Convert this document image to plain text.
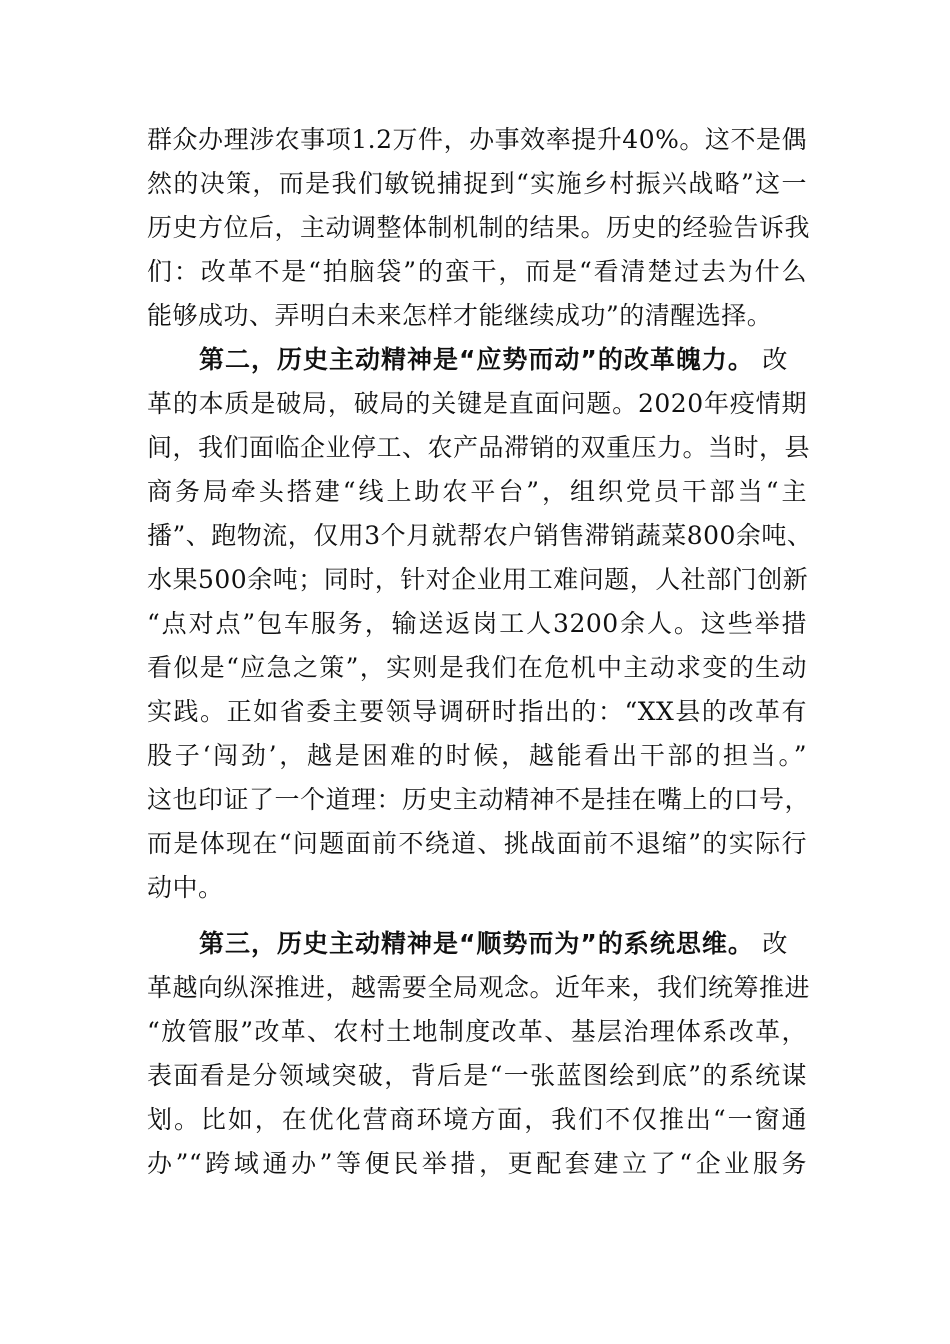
群众办理涉农事项1.2万件，办事效率提升40%。这不是偶
然的决策，而是我们敏锐捕捉到“实施乡村振兴战略”这一
历史方位后，主动调整体制机制的结果。历史的经验告诉我
们：改革不是“拍脑袋”的蛮干，而是“看清楚过去为什么
能够成功、弄明白未来怎样才能继续成功”的清醒选择。
第二，历史主动精神是“应势而动”的改革魄力。 改
革的本质是破局，破局的关键是直面问题。2020年疫情期
间，我们面临企业停工、农产品滞销的双重压力。当时，县
商务局牵头搭建“线上助农平台”，组织党员干部当“主
播”、跑物流，仅用3个月就帮农户销售滞销蔬菜800余吨、
水果500余吨；同时，针对企业用工难问题，人社部门创新
“点对点”包车服务，输送返岗工人3200余人。这些举措
看似是“应急之策”，实则是我们在危机中主动求变的生动
实践。正如省委主要领导调研时指出的：“XX县的改革有
股子‘闯劲’，越是困难的时候，越能看出干部的担当。”
这也印证了一个道理：历史主动精神不是挂在嘴上的口号，
而是体现在“问题面前不绕道、挑战面前不退缩”的实际行
动中。
第三，历史主动精神是“顺势而为”的系统思维。 改
革越向纵深推进，越需要全局观念。近年来，我们统筹推进
“放管服”改革、农村土地制度改革、基层治理体系改革，
表面看是分领域突破，背后是“一张蓝图绘到底”的系统谋
划。比如，在优化营商环境方面，我们不仅推出“一窗通
办”“跨域通办”等便民举措，更配套建立了“企业服务
